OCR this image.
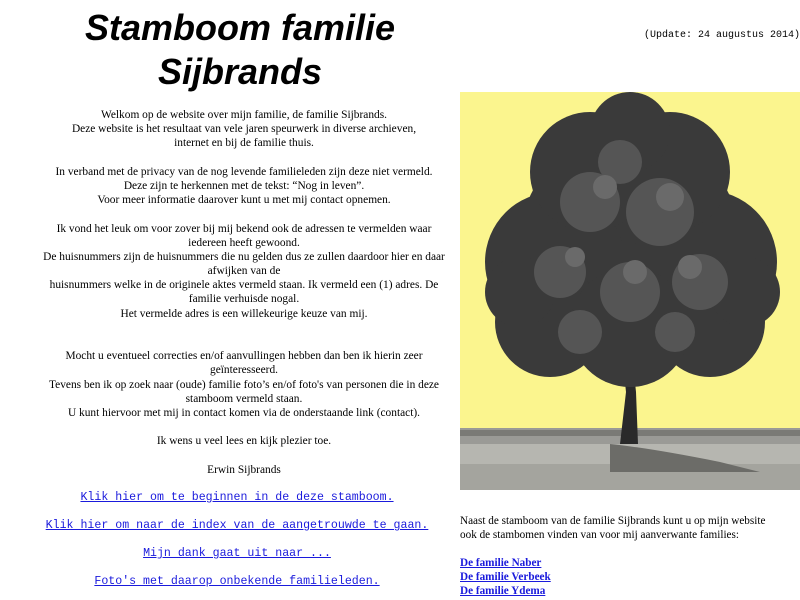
Stamboom familie
Sijbrands
(Update: 24 augustus 2014)
Welkom op de website over mijn familie, de familie Sijbrands.
Deze website is het resultaat van vele jaren speurwerk in diverse archieven,
internet en bij de familie thuis.
In verband met de privacy van de nog levende familieleden zijn deze niet vermeld.
Deze zijn te herkennen met de tekst: “Nog in leven”.
Voor meer informatie daarover kunt u met mij contact opnemen.
Ik vond het leuk om voor zover bij mij bekend ook de adressen te vermelden waar
iedereen heeft gewoond.
De huisnummers zijn de huisnummers die nu gelden dus ze zullen daardoor hier en daar
afwijken van de
huisnummers welke in de originele aktes vermeld staan. Ik vermeld een (1) adres. De
familie verhuisde nogal.
Het vermelde adres is een willekeurige keuze van mij.
Mocht u eventueel correcties en/of aanvullingen hebben dan ben ik hierin zeer
geïnteresseerd.
Tevens ben ik op zoek naar (oude) familie foto’s en/of foto's van personen die in deze
stamboom vermeld staan.
U kunt hiervoor met mij in contact komen via de onderstaande link (contact).
Ik wens u veel lees en kijk plezier toe.
Erwin Sijbrands
Klik hier om te beginnen in de deze stamboom.
Klik hier om naar de index van de aangetrouwde te gaan.
Mijn dank gaat uit naar ...
Foto's met daarop onbekende familieleden.
Naast de stamboom van de familie Sijbrands kunt u op mijn website
ook de stambomen vinden van voor mij aanverwante families:
De familie Naber
De familie Verbeek
De familie Ydema
